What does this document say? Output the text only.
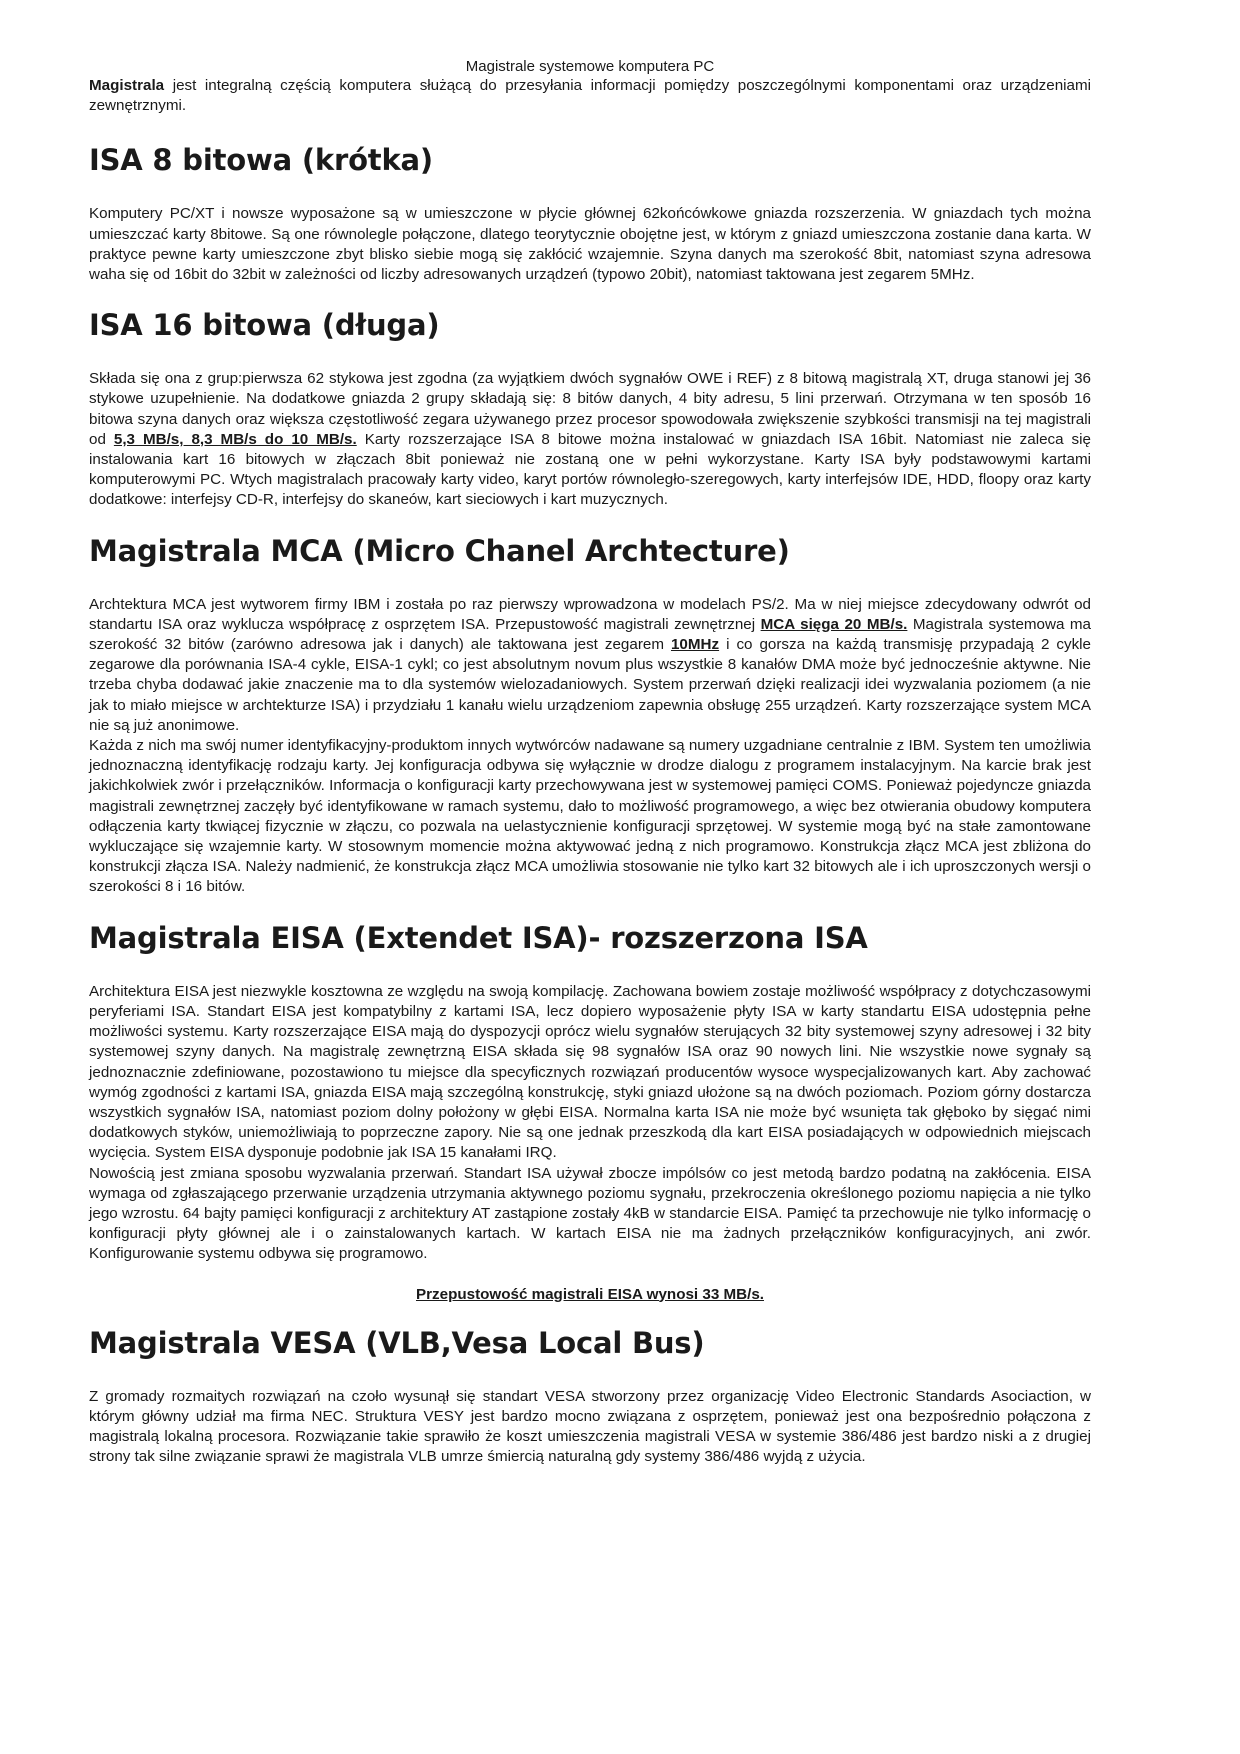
Magistrale systemowe komputera PC

Magistrala jest integralną częścią komputera służącą do przesyłania informacji pomiędzy poszczególnymi komponentami oraz urządzeniami zewnętrznymi.

ISA 8 bitowa (krótka)

Komputery PC/XT i nowsze wyposażone są w umieszczone w płycie głównej 62końcówkowe gniazda rozszerzenia. W gniazdach tych można umieszczać karty 8bitowe. Są one równolegle połączone, dlatego teorytycznie obojętne jest, w którym z gniazd umieszczona zostanie dana karta. W praktyce pewne karty umieszczone zbyt blisko siebie mogą się zakłócić wzajemnie. Szyna danych ma szerokość 8bit, natomiast szyna adresowa waha się od 16bit do 32bit w zależności od liczby adresowanych urządzeń (typowo 20bit), natomiast taktowana jest zegarem 5MHz.

ISA 16 bitowa (długa)

Składa się ona z grup:pierwsza 62 stykowa jest zgodna (za wyjątkiem dwóch sygnałów OWE i REF) z 8 bitową magistralą XT, druga stanowi jej 36 stykowe uzupełnienie. Na dodatkowe gniazda 2 grupy składają się: 8 bitów danych, 4 bity adresu, 5 lini przerwań. Otrzymana w ten sposób 16 bitowa szyna danych oraz większa częstotliwość zegara używanego przez procesor spowodowała zwiększenie szybkości transmisji na tej magistrali od 5,3 MB/s, 8,3 MB/s do 10 MB/s. Karty rozszerzające ISA 8 bitowe można instalować w gniazdach ISA 16bit. Natomiast nie zaleca się instalowania kart 16 bitowych w złączach 8bit ponieważ nie zostaną one w pełni wykorzystane. Karty ISA były podstawowymi kartami komputerowymi PC. Wtych magistralach pracowały karty video, karyt portów równoległo-szeregowych, karty interfejsów IDE, HDD, floopy oraz karty dodatkowe: interfejsy CD-R, interfejsy do skaneów, kart sieciowych i kart muzycznych.

Magistrala MCA (Micro Chanel Archtecture)

Archtektura MCA jest wytworem firmy IBM i została po raz pierwszy wprowadzona w modelach PS/2. Ma w niej miejsce zdecydowany odwrót od standartu ISA oraz wyklucza współpracę z osprzętem ISA. Przepustowość magistrali zewnętrznej MCA sięga 20 MB/s. Magistrala systemowa ma szerokość 32 bitów (zarówno adresowa jak i danych) ale taktowana jest zegarem 10MHz i co gorsza na każdą transmisję przypadają 2 cykle zegarowe dla porównania ISA-4 cykle, EISA-1 cykl; co jest absolutnym novum plus wszystkie 8 kanałów DMA może być jednocześnie aktywne. Nie trzeba chyba dodawać jakie znaczenie ma to dla systemów wielozadaniowych. System przerwań dzięki realizacji idei wyzwalania poziomem (a nie jak to miało miejsce w archtekturze ISA) i przydziału 1 kanału wielu urządzeniom zapewnia obsługę 255 urządzeń. Karty rozszerzające system MCA nie są już anonimowe.

Każda z nich ma swój numer identyfikacyjny-produktom innych wytwórców nadawane są numery uzgadniane centralnie z IBM. System ten umożliwia jednoznaczną identyfikację rodzaju karty. Jej konfiguracja odbywa się wyłącznie w drodze dialogu z programem instalacyjnym. Na karcie brak jest jakichkolwiek zwór i przełączników. Informacja o konfiguracji karty przechowywana jest w systemowej pamięci COMS. Ponieważ pojedyncze gniazda magistrali zewnętrznej zaczęły być identyfikowane w ramach systemu, dało to możliwość programowego, a więc bez otwierania obudowy komputera odłączenia karty tkwiącej fizycznie w złączu, co pozwala na uelastycznienie konfiguracji sprzętowej. W systemie mogą być na stałe zamontowane wykluczające się wzajemnie karty. W stosownym momencie można aktywować jedną z nich programowo. Konstrukcja złącz MCA jest zbliżona do konstrukcji złącza ISA. Należy nadmienić, że konstrukcja złącz MCA umożliwia stosowanie nie tylko kart 32 bitowych ale i ich uproszczonych wersji o szerokości 8 i 16 bitów.

Magistrala EISA (Extendet ISA)- rozszerzona ISA

Architektura EISA jest niezwykle kosztowna ze względu na swoją kompilację. Zachowana bowiem zostaje możliwość współpracy z dotychczasowymi peryferiami ISA. Standart EISA jest kompatybilny z kartami ISA, lecz dopiero wyposażenie płyty ISA w karty standartu EISA udostępnia pełne możliwości systemu. Karty rozszerzające EISA mają do dyspozycji oprócz wielu sygnałów sterujących 32 bity systemowej szyny adresowej i 32 bity systemowej szyny danych. Na magistralę zewnętrzną EISA składa się 98 sygnałów ISA oraz 90 nowych lini. Nie wszystkie nowe sygnały są jednoznacznie zdefiniowane, pozostawiono tu miejsce dla specyficznych rozwiązań producentów wysoce wyspecjalizowanych kart. Aby zachować wymóg zgodności z kartami ISA, gniazda EISA mają szczególną konstrukcję, styki gniazd ułożone są na dwóch poziomach. Poziom górny dostarcza wszystkich sygnałów ISA, natomiast poziom dolny położony w głębi EISA. Normalna karta ISA nie może być wsunięta tak głęboko by sięgać nimi dodatkowych styków, uniemożliwiają to poprzeczne zapory. Nie są one jednak przeszkodą dla kart EISA posiadających w odpowiednich miejscach wycięcia. System EISA dysponuje podobnie jak ISA 15 kanałami IRQ.

Nowością jest zmiana sposobu wyzwalania przerwań. Standart ISA używał zbocze impólsów co jest metodą bardzo podatną na zakłócenia. EISA wymaga od zgłaszającego przerwanie urządzenia utrzymania aktywnego poziomu sygnału, przekroczenia określonego poziomu napięcia a nie tylko jego wzrostu. 64 bajty pamięci konfiguracji z architektury AT zastąpione zostały 4kB w standarcie EISA. Pamięć ta przechowuje nie tylko informację o konfiguracji płyty głównej ale i o zainstalowanych kartach. W kartach EISA nie ma żadnych przełączników konfiguracyjnych, ani zwór. Konfigurowanie systemu odbywa się programowo.

Przepustowość magistrali EISA wynosi 33 MB/s.

Magistrala VESA (VLB,Vesa Local Bus)

Z gromady rozmaitych rozwiązań na czoło wysunął się standart VESA stworzony przez organizację Video Electronic Standards Asociaction, w którym główny udział ma firma NEC. Struktura VESY jest bardzo mocno związana z osprzętem, ponieważ jest ona bezpośrednio połączona z magistralą lokalną procesora. Rozwiązanie takie sprawiło że koszt umieszczenia magistrali VESA w systemie 386/486 jest bardzo niski a z drugiej strony tak silne związanie sprawi że magistrala VLB umrze śmiercią naturalną gdy systemy 386/486 wyjdą z użycia.
